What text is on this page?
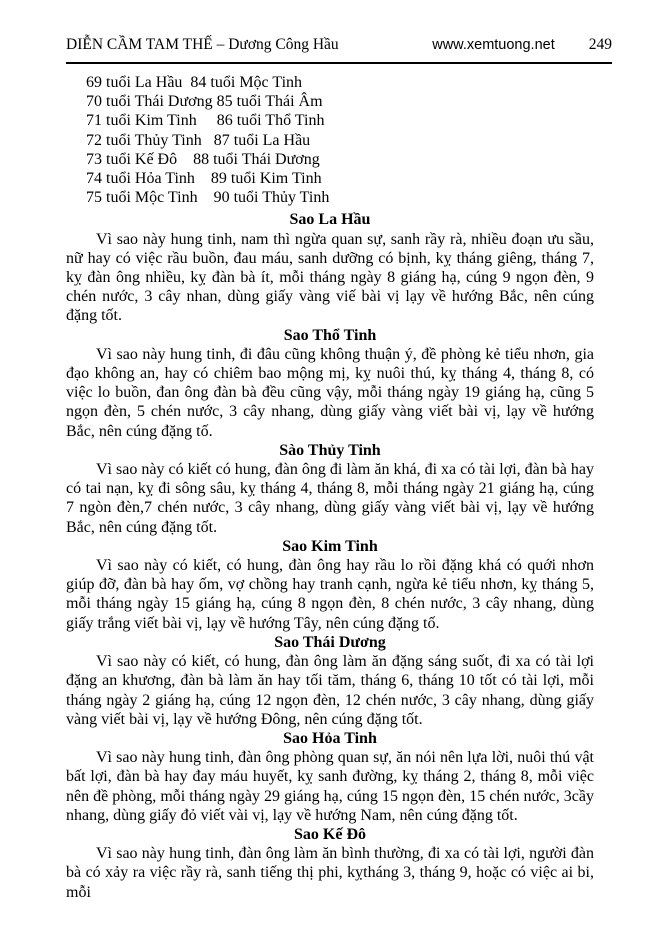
DIỄN CẦM TAM THẾ – Dương Công Hầu	www.xemtuong.net 249
69 tuổi La Hầu  84 tuổi Mộc Tinh
70 tuổi Thái Dương 85 tuổi Thái Âm
71 tuổi Kim Tinh     86 tuổi Thổ Tinh
72 tuổi Thủy Tinh   87 tuổi La Hầu
73 tuổi Kế Đô    88 tuổi Thái Dương
74 tuổi Hỏa Tinh    89 tuổi Kim Tinh
75 tuổi Mộc Tinh    90 tuổi Thủy Tinh
Sao La Hầu

Vì sao này hung tinh, nam thì ngừa quan sự, sanh rầy rà, nhiều đoạn ưu sầu, nữ hay có việc rầu buồn, đau máu, sanh dưỡng có bịnh, kỵ tháng giêng, tháng 7, kỵ đàn ông nhiều, kỵ đàn bà ít, mỗi tháng ngày 8 giáng hạ, cúng 9 ngọn đèn, 9 chén nước, 3 cây nhan, dùng giấy vàng viế bài vị lạy về hướng Bắc, nên cúng đặng tốt.

Sao Thổ Tinh

Vì sao này hung tinh, đi đâu cũng không thuận ý, đề phòng kẻ tiểu nhơn, gia đạo không an, hay có chiêm bao mộng mị, kỵ nuôi thú, kỵ tháng 4, tháng 8, có việc lo buồn, đan ông đàn bà đều cũng vậy, mỗi tháng ngày 19 giáng hạ, cũng 5 ngọn đèn, 5 chén nước, 3 cây nhang, dùng giấy vàng viết bài vị, lạy về hướng Bắc, nên cúng đặng tố.

Sào Thủy Tinh

Vì sao này có kiết có hung, đàn ông đi làm ăn khá, đi xa có tài lợi, đàn bà hay có tai nạn, kỵ đi sông sâu, kỵ tháng 4, tháng 8, mỗi tháng ngày 21 giáng hạ, cúng 7 ngòn đèn,7 chén nước, 3 cây nhang, dùng giấy vàng viết bài vị, lạy về hướng Bắc, nên cúng đặng tốt.

Sao Kim Tinh

Vì sao này có kiết, có hung, đàn ông hay rầu lo rồi đặng khá có quới nhơn giúp đỡ, đàn bà hay ốm, vợ chồng hay tranh cạnh, ngừa kẻ tiểu nhơn, kỵ tháng 5, mỗi tháng ngày 15 giáng hạ, cúng 8 ngọn đèn, 8 chén nước, 3 cây nhang, dùng giấy trắng viết bài vị, lạy về hướng Tây, nên cúng đặng tố.

Sao Thái Dương

Vì sao này có kiết, có hung, đàn ông làm ăn đặng sáng suốt, đi xa có tài lợi đặng an khương, đàn bà làm ăn hay tối tăm, tháng 6, tháng 10 tốt có tài lợi, mỗi tháng ngày 2 giáng hạ, cúng 12 ngọn đèn, 12 chén nước, 3 cây nhang, dùng giấy vàng viết bài vị, lạy về hướng Đông, nên cúng đặng tốt.

Sao Hỏa Tinh

Vì sao này hung tinh, đàn ông phòng quan sự, ăn nói nên lựa lời, nuôi thú vật bất lợi, đàn bà hay đay máu huyết, kỵ sanh đường, kỵ tháng 2, tháng 8, mỗi việc nên đề phòng, mỗi tháng ngày 29 giáng hạ, cúng 15 ngọn đèn, 15 chén nước, 3cầy nhang, dùng giấy đỏ viết vài vị, lạy về hướng Nam, nên cúng đặng tốt.

Sao Kế Đô

Vì sao này hung tinh, đàn ông làm ăn bình thường, đi xa có tài lợi, người đàn bà có xảy ra việc rầy rà, sanh tiếng thị phi, kỵtháng 3, tháng 9, hoặc có việc ai bi, mỗi
